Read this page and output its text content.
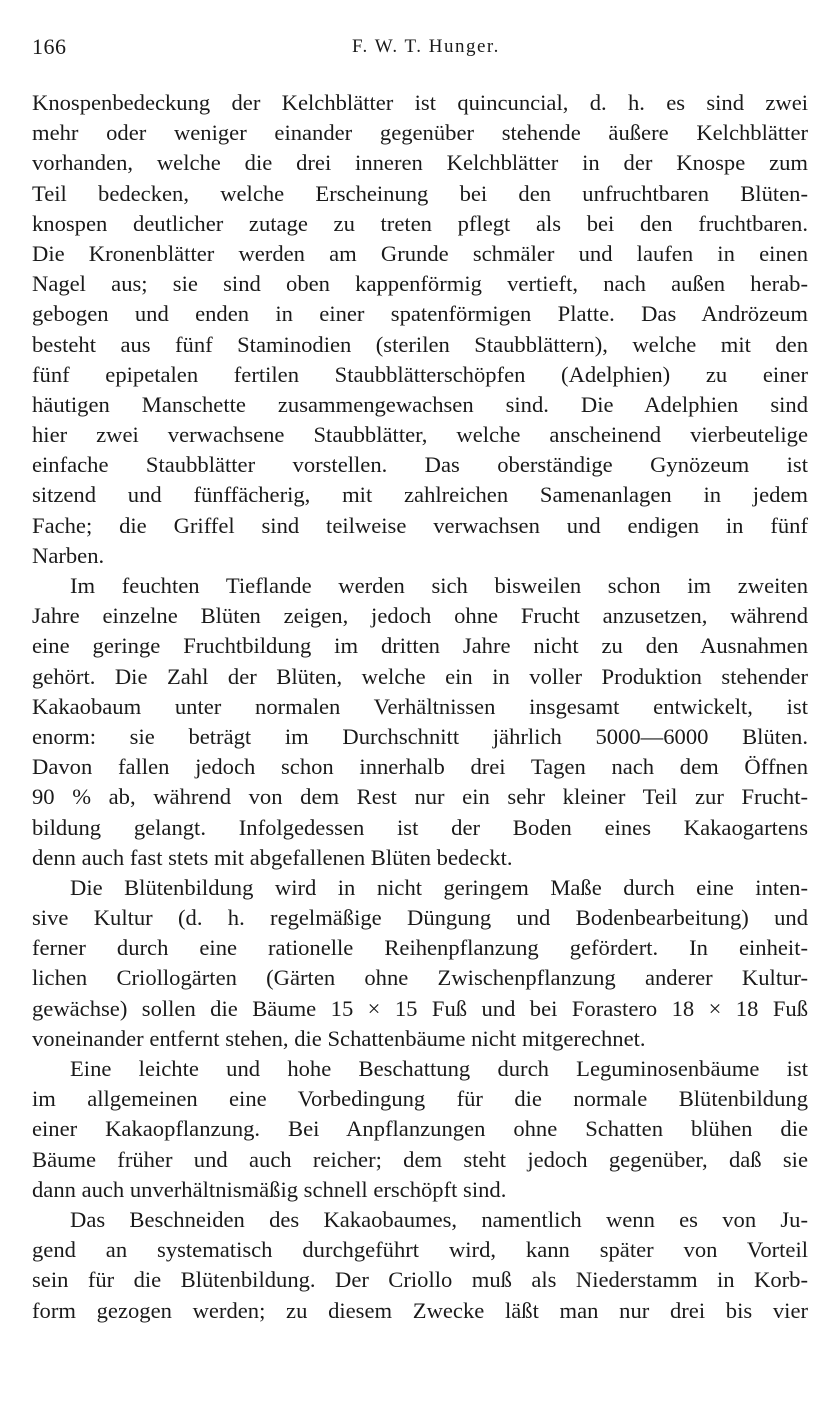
166	F. W. T. Hunger.
Knospenbedeckung der Kelchblätter ist quincuncial, d. h. es sind zwei
mehr oder weniger einander gegenüber stehende äußere Kelchblätter
vorhanden, welche die drei inneren Kelchblätter in der Knospe zum
Teil bedecken, welche Erscheinung bei den unfruchtbaren Blüten-
knospen deutlicher zutage zu treten pflegt als bei den fruchtbaren.
Die Kronenblätter werden am Grunde schmäler und laufen in einen
Nagel aus; sie sind oben kappenförmig vertieft, nach außen herab-
gebogen und enden in einer spatenförmigen Platte. Das Andrözeum
besteht aus fünf Staminodien (sterilen Staubblättern), welche mit den
fünf epipetalen fertilen Staubblätterschöpfen (Adelphien) zu einer
häutigen Manschette zusammengewachsen sind. Die Adelphien sind
hier zwei verwachsene Staubblätter, welche anscheinend vierbeutelige
einfache Staubblätter vorstellen. Das oberständige Gynözeum ist
sitzend und fünffächerig, mit zahlreichen Samenanlagen in jedem
Fache; die Griffel sind teilweise verwachsen und endigen in fünf
Narben.
Im feuchten Tieflande werden sich bisweilen schon im zweiten
Jahre einzelne Blüten zeigen, jedoch ohne Frucht anzusetzen, während
eine geringe Fruchtbildung im dritten Jahre nicht zu den Ausnahmen
gehört. Die Zahl der Blüten, welche ein in voller Produktion stehender
Kakaobaum unter normalen Verhältnissen insgesamt entwickelt, ist
enorm: sie beträgt im Durchschnitt jährlich 5000—6000 Blüten.
Davon fallen jedoch schon innerhalb drei Tagen nach dem Öffnen
90 % ab, während von dem Rest nur ein sehr kleiner Teil zur Frucht-
bildung gelangt. Infolgedessen ist der Boden eines Kakaogartens
denn auch fast stets mit abgefallenen Blüten bedeckt.
Die Blütenbildung wird in nicht geringem Maße durch eine inten-
sive Kultur (d. h. regelmäßige Düngung und Bodenbearbeitung) und
ferner durch eine rationelle Reihenpflanzung gefördert. In einheit-
lichen Criollogärten (Gärten ohne Zwischenpflanzung anderer Kultur-
gewächse) sollen die Bäume 15 × 15 Fuß und bei Forastero 18 × 18 Fuß
voneinander entfernt stehen, die Schattenbäume nicht mitgerechnet.
Eine leichte und hohe Beschattung durch Leguminosenbäume ist
im allgemeinen eine Vorbedingung für die normale Blütenbildung
einer Kakaopflanzung. Bei Anpflanzungen ohne Schatten blühen die
Bäume früher und auch reicher; dem steht jedoch gegenüber, daß sie
dann auch unverhältnismäßig schnell erschöpft sind.
Das Beschneiden des Kakaobaumes, namentlich wenn es von Ju-
gend an systematisch durchgeführt wird, kann später von Vorteil
sein für die Blütenbildung. Der Criollo muß als Niederstamm in Korb-
form gezogen werden; zu diesem Zwecke läßt man nur drei bis vier
